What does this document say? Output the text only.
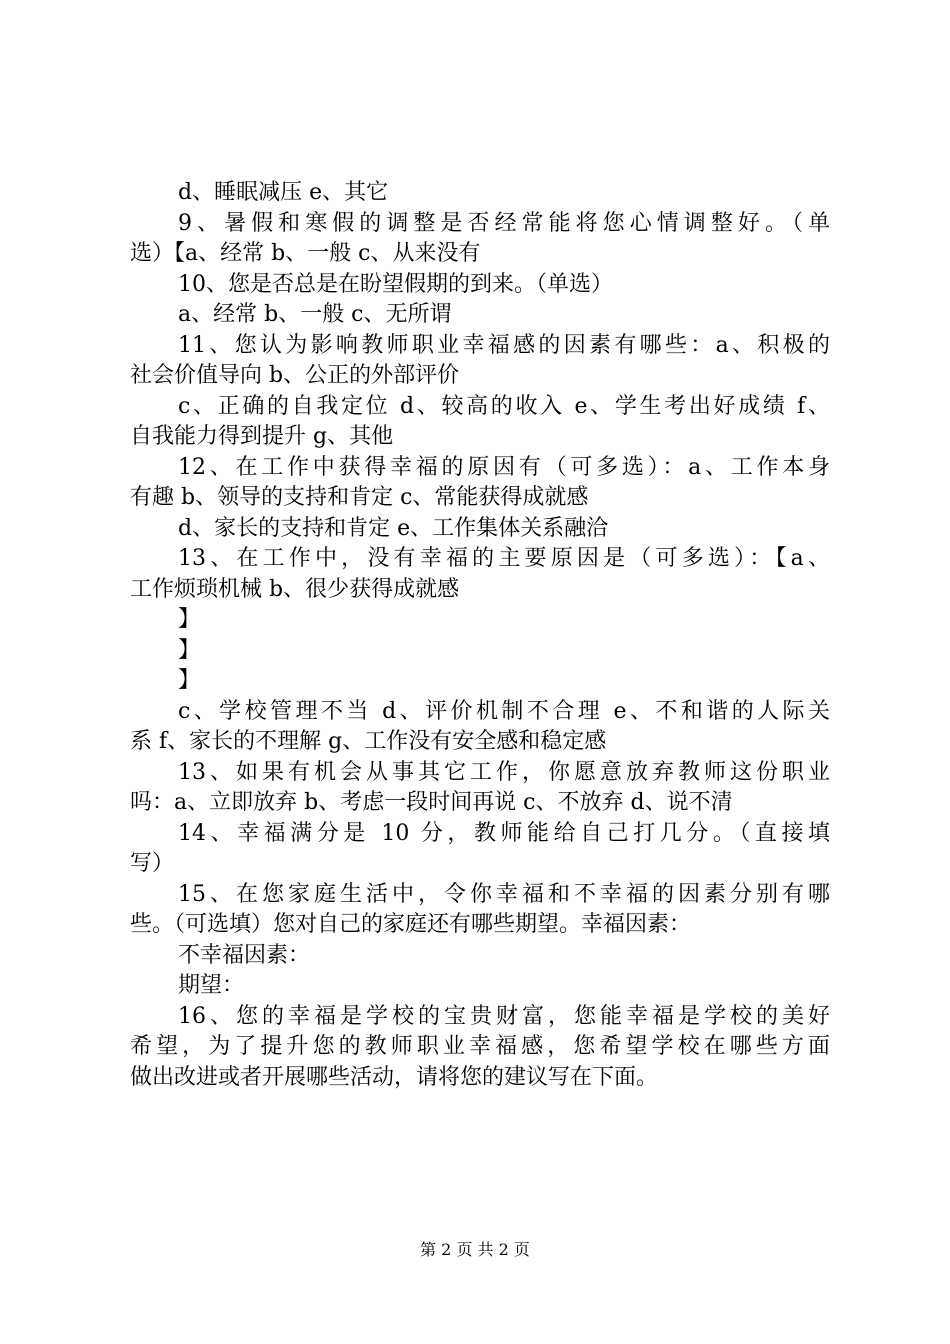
d、睡眠减压 e、其它
9、暑假和寒假的调整是否经常能将您心情调整好。（单
选）【a、经常 b、一般 c、从来没有
10、您是否总是在盼望假期的到来。（单选）
a、经常 b、一般 c、无所谓
11、您认为影响教师职业幸福感的因素有哪些：a、积极的
社会价值导向 b、公正的外部评价
c、正确的自我定位 d、较高的收入 e、学生考出好成绩 f、
自我能力得到提升 g、其他
12、在工作中获得幸福的原因有（可多选）：a、工作本身
有趣 b、领导的支持和肯定 c、常能获得成就感
d、家长的支持和肯定 e、工作集体关系融洽
13、在工作中，没有幸福的主要原因是（可多选）：【a、
工作烦琐机械 b、很少获得成就感
】
】
】
c、学校管理不当 d、评价机制不合理 e、不和谐的人际关
系 f、家长的不理解 g、工作没有安全感和稳定感
13、如果有机会从事其它工作，你愿意放弃教师这份职业
吗：a、立即放弃 b、考虑一段时间再说 c、不放弃 d、说不清
14、幸福满分是 10 分，教师能给自己打几分。（直接填
写）
15、在您家庭生活中，令你幸福和不幸福的因素分别有哪
些。（可选填）您对自己的家庭还有哪些期望。幸福因素：
不幸福因素：
期望：
16、您的幸福是学校的宝贵财富，您能幸福是学校的美好
希望，为了提升您的教师职业幸福感，您希望学校在哪些方面
做出改进或者开展哪些活动，请将您的建议写在下面。
第 2 页 共 2 页
